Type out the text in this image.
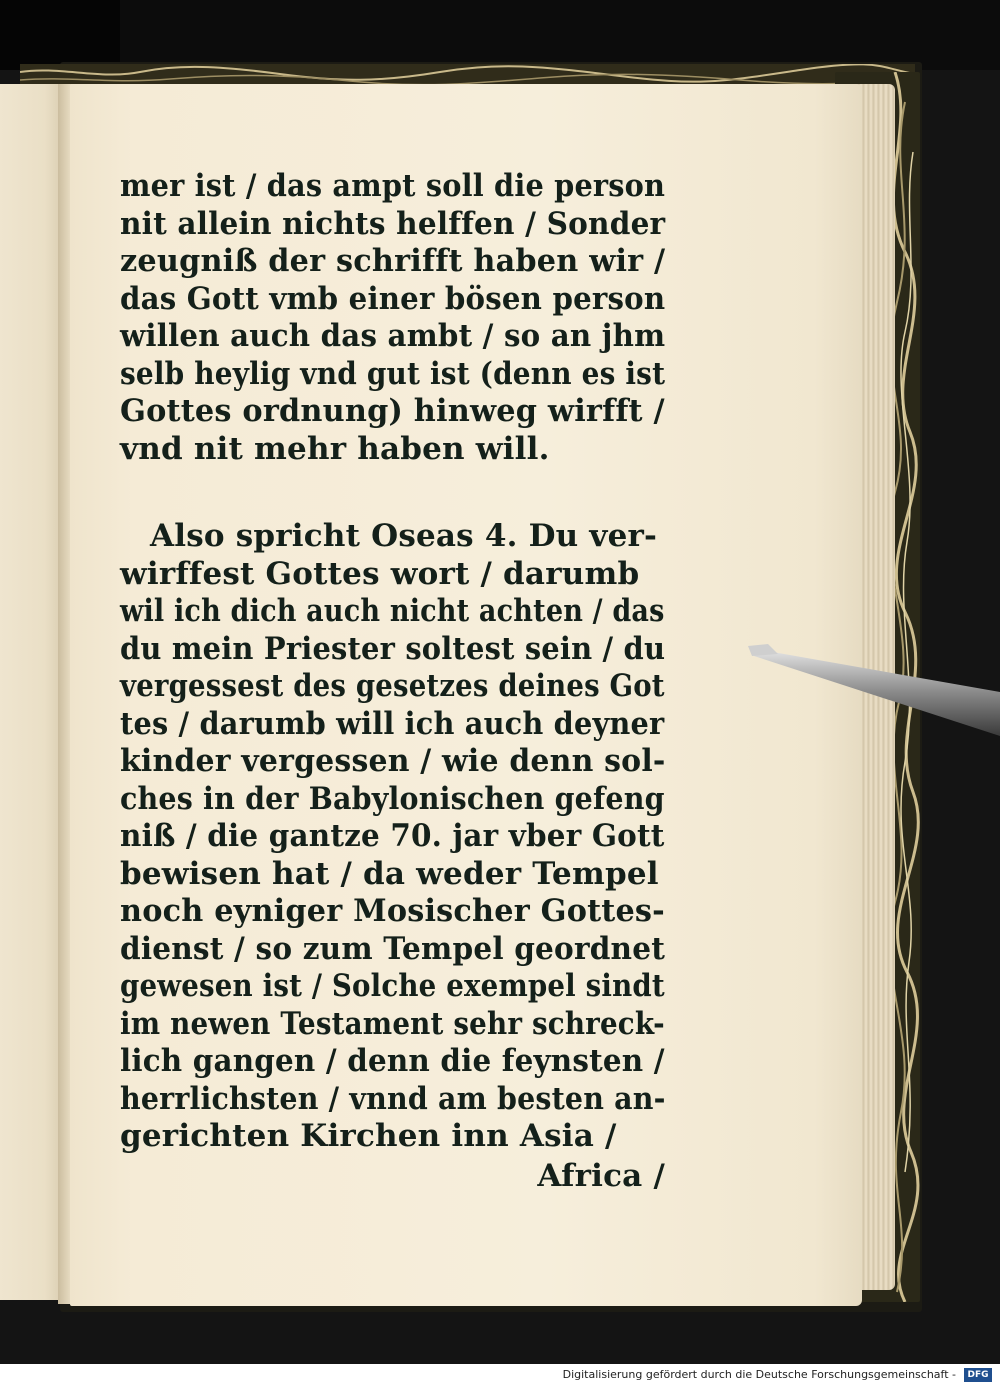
mer ist / das ampt soll die person
nit allein nichts helffen / Sonder
zeugniß der schrifft haben wir /
das Gott vmb einer bösen person
willen auch das ambt / so an jhm
selb heylig vnd gut ist (denn es ist
Gottes ordnung) hinweg wirfft /
vnd nit mehr haben will.
Also spricht Oseas 4. Du ver-
wirffest Gottes wort / darumb
wil ich dich auch nicht achten / das
du mein Priester soltest sein / du
vergessest des gesetzes deines Got
tes / darumb will ich auch deyner
kinder vergessen / wie denn sol-
ches in der Babylonischen gefeng
niß / die gantze 70. jar vber Gott
bewisen hat / da weder Tempel
noch eyniger Mosischer Gottes-
dienst / so zum Tempel geordnet
gewesen ist / Solche exempel sindt
im newen Testament sehr schreck-
lich gangen / denn die feynsten /
herrlichsten / vnnd am besten an-
gerichten Kirchen inn Asia /
Africa /
Digitalisierung gefördert durch die Deutsche Forschungsgemeinschaft -	DFG
